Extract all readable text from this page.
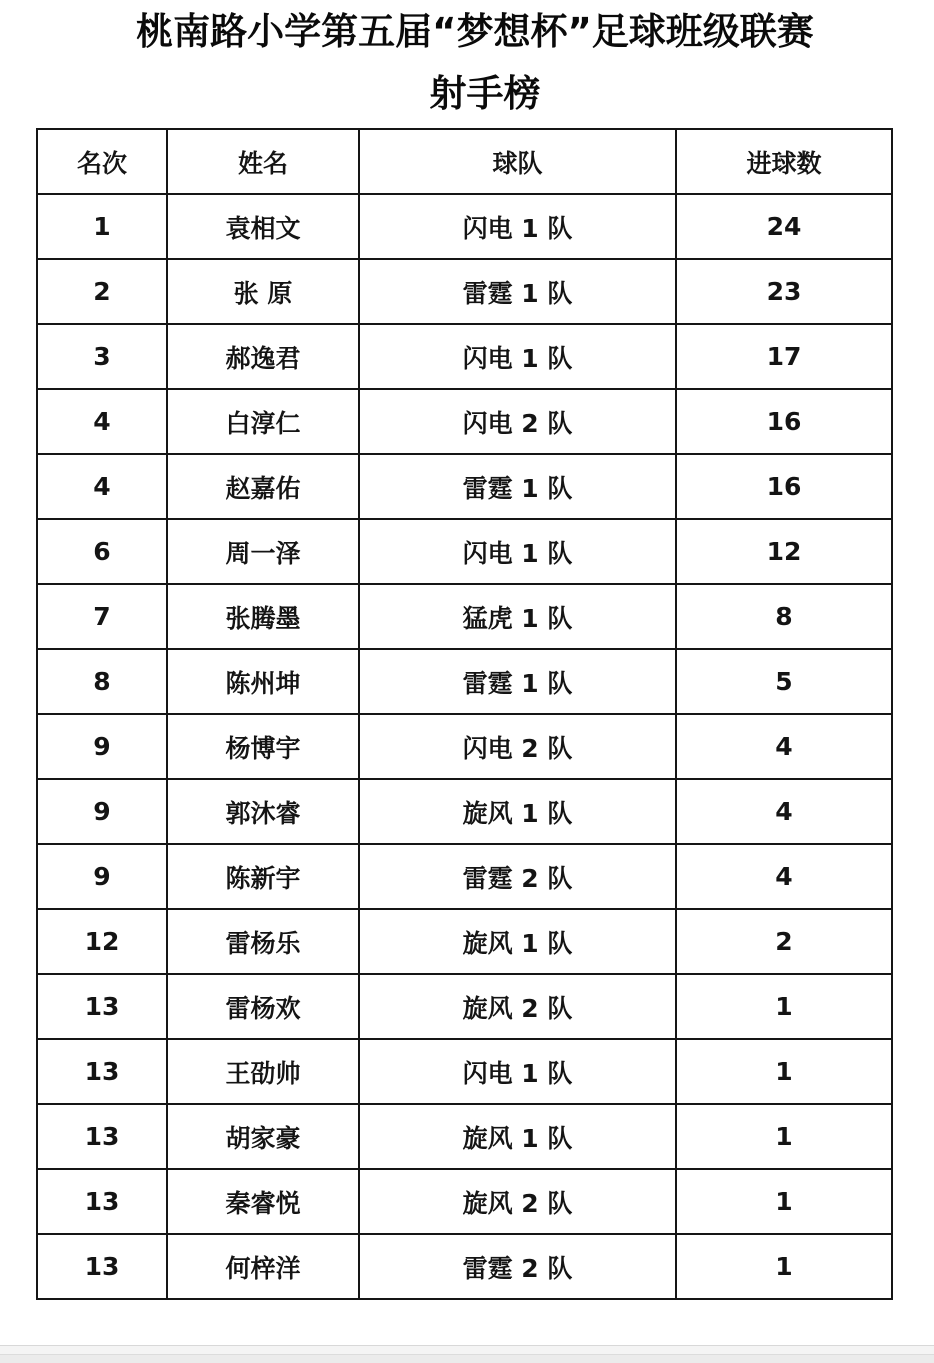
桃南路小学第五届“梦想杯”足球班级联赛
射手榜
名次	姓名	球队	进球数
1	袁相文	闪电 1 队	24
2	张 原	雷霆 1 队	23
3	郝逸君	闪电 1 队	17
4	白淳仁	闪电 2 队	16
4	赵嘉佑	雷霆 1 队	16
6	周一泽	闪电 1 队	12
7	张腾墨	猛虎 1 队	8
8	陈州坤	雷霆 1 队	5
9	杨博宇	闪电 2 队	4
9	郭沐睿	旋风 1 队	4
9	陈新宇	雷霆 2 队	4
12	雷杨乐	旋风 1 队	2
13	雷杨欢	旋风 2 队	1
13	王劭帅	闪电 1 队	1
13	胡家豪	旋风 1 队	1
13	秦睿悦	旋风 2 队	1
13	何梓洋	雷霆 2 队	1
